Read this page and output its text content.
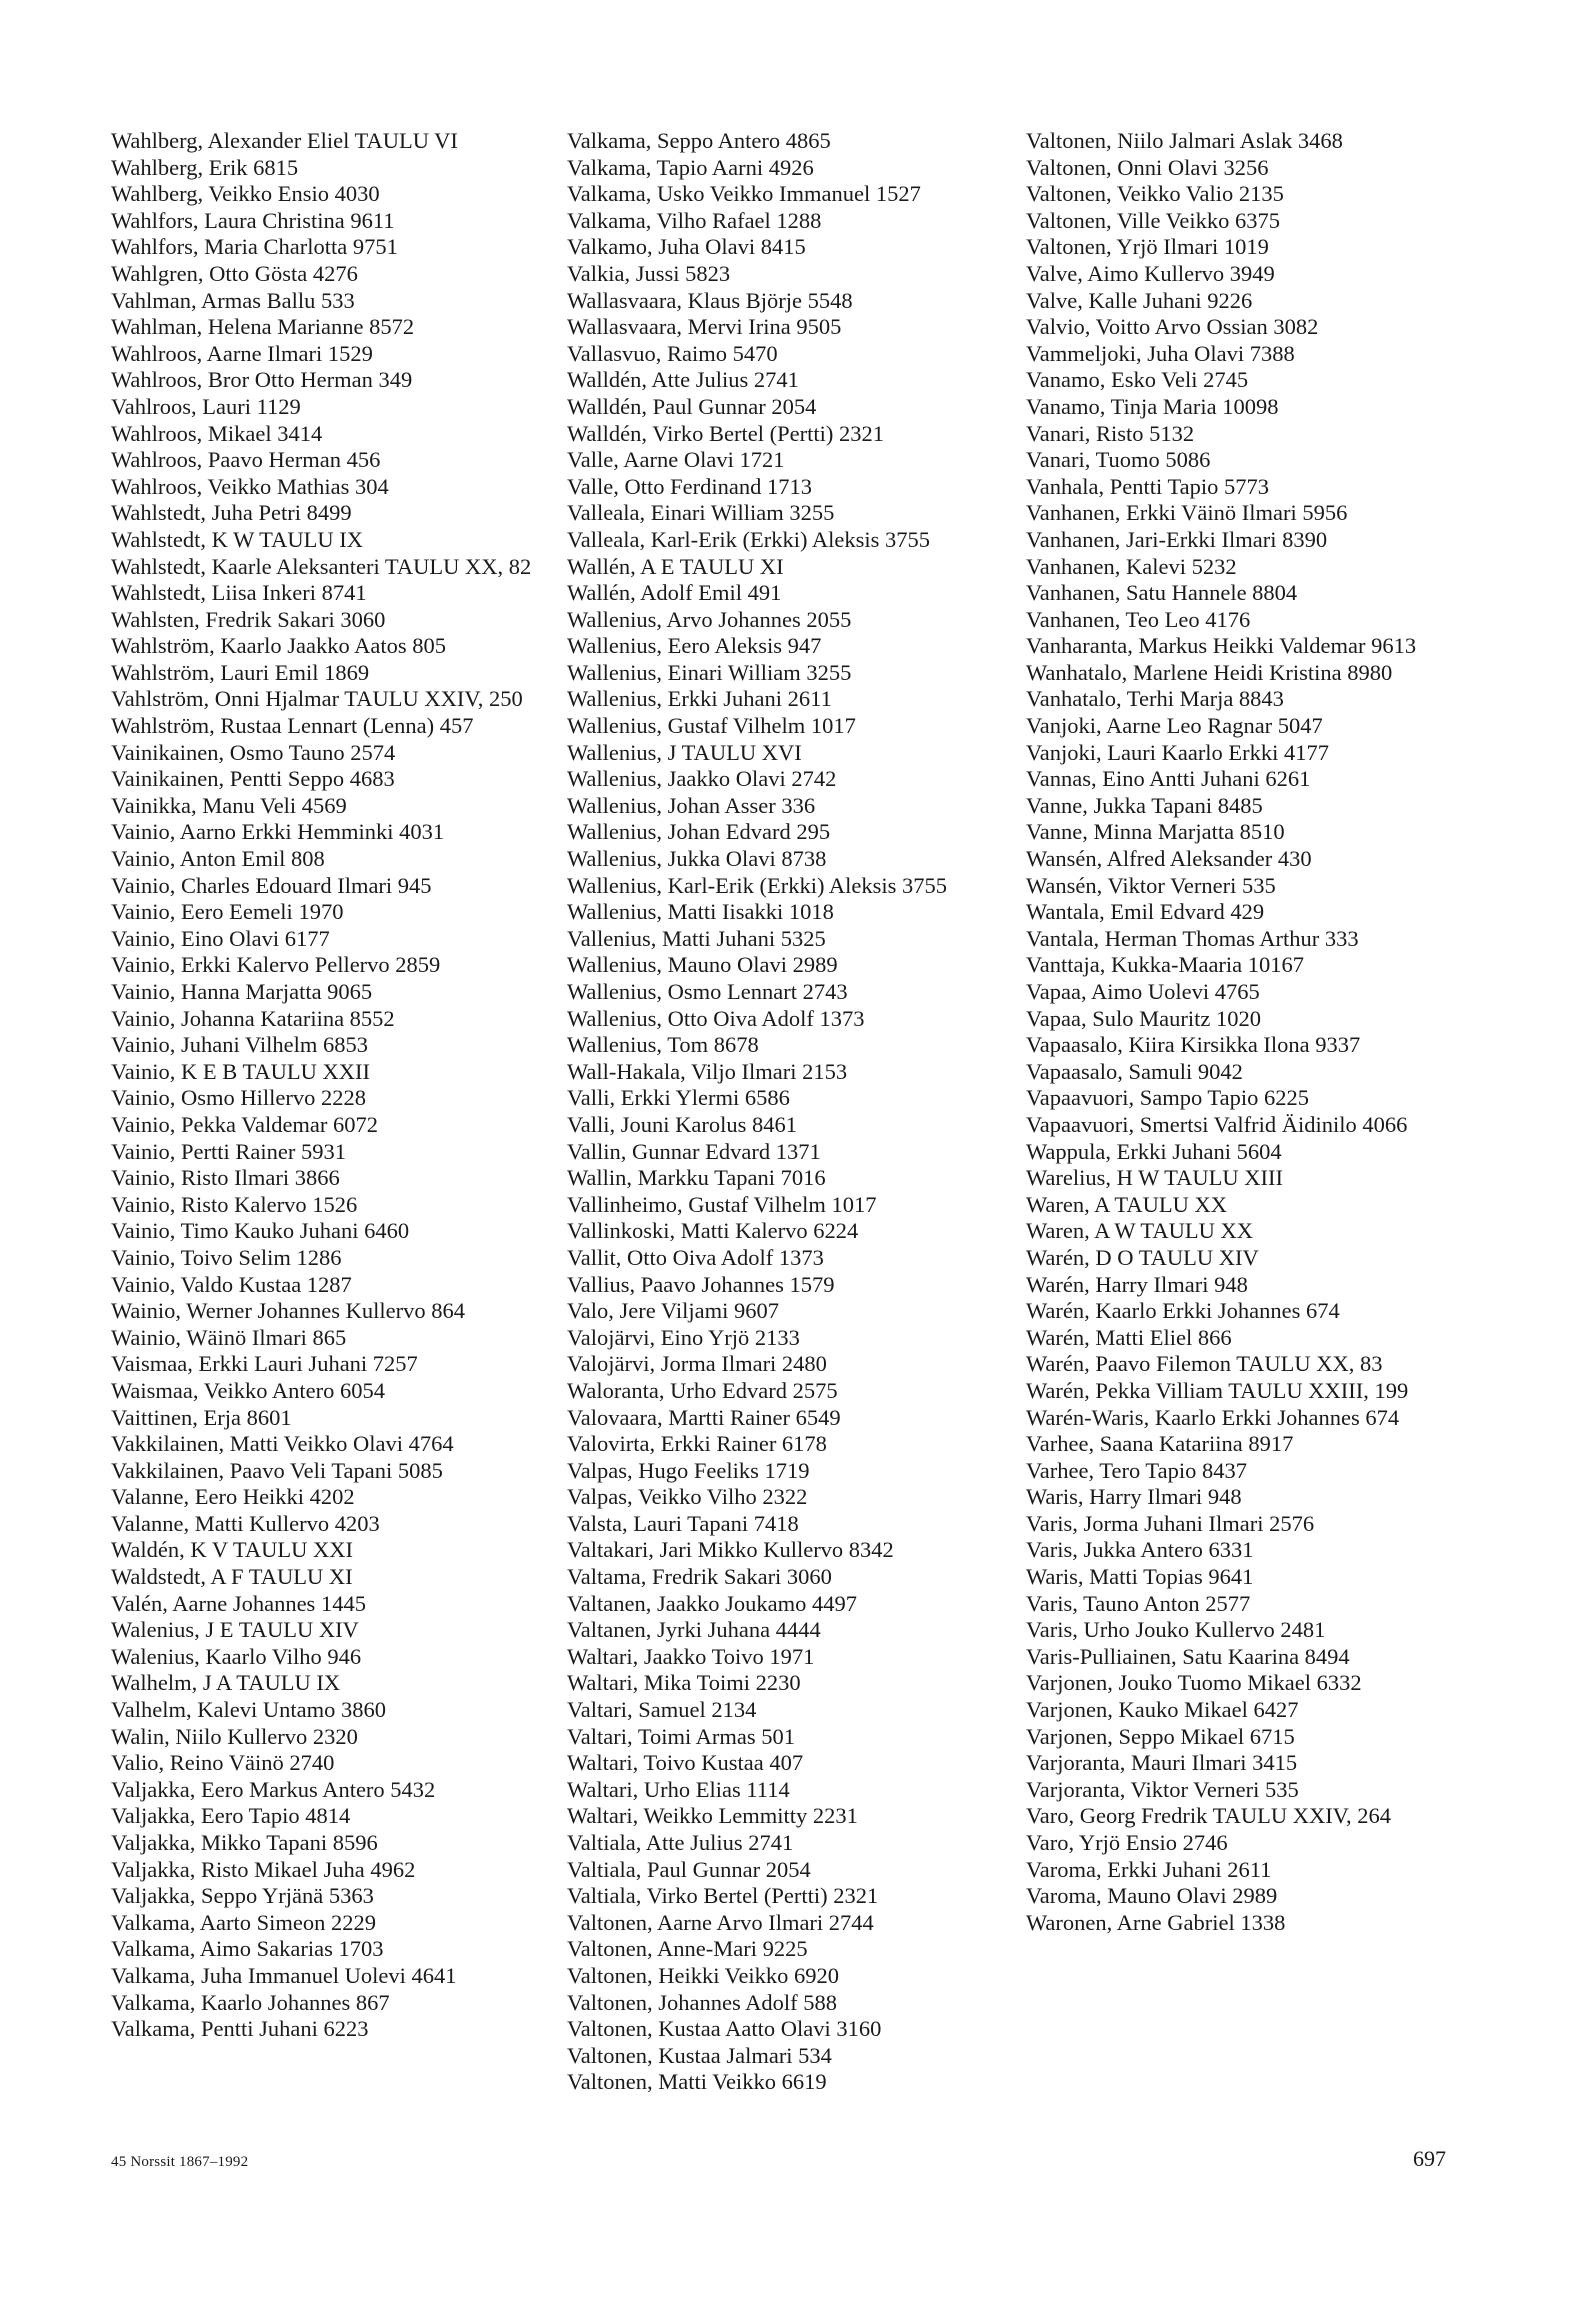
Wahlberg, Alexander Eliel TAULU VI
Wahlberg, Erik 6815
Wahlberg, Veikko Ensio 4030
Wahlfors, Laura Christina 9611
Wahlfors, Maria Charlotta 9751
Wahlgren, Otto Gösta 4276
Vahlman, Armas Ballu 533
Wahlman, Helena Marianne 8572
Wahlroos, Aarne Ilmari 1529
Wahlroos, Bror Otto Herman 349
Vahlroos, Lauri 1129
Wahlroos, Mikael 3414
Wahlroos, Paavo Herman 456
Wahlroos, Veikko Mathias 304
Wahlstedt, Juha Petri 8499
Wahlstedt, K W TAULU IX
Wahlstedt, Kaarle Aleksanteri TAULU XX, 82
Wahlstedt, Liisa Inkeri 8741
Wahlsten, Fredrik Sakari 3060
Wahlström, Kaarlo Jaakko Aatos 805
Wahlström, Lauri Emil 1869
Vahlström, Onni Hjalmar TAULU XXIV, 250
Wahlström, Rustaa Lennart (Lenna) 457
Vainikainen, Osmo Tauno 2574
Vainikainen, Pentti Seppo 4683
Vainikka, Manu Veli 4569
Vainio, Aarno Erkki Hemminki 4031
Vainio, Anton Emil 808
Vainio, Charles Edouard Ilmari 945
Vainio, Eero Eemeli 1970
Vainio, Eino Olavi 6177
Vainio, Erkki Kalervo Pellervo 2859
Vainio, Hanna Marjatta 9065
Vainio, Johanna Katariina 8552
Vainio, Juhani Vilhelm 6853
Vainio, K E B TAULU XXII
Vainio, Osmo Hillervo 2228
Vainio, Pekka Valdemar 6072
Vainio, Pertti Rainer 5931
Vainio, Risto Ilmari 3866
Vainio, Risto Kalervo 1526
Vainio, Timo Kauko Juhani 6460
Vainio, Toivo Selim 1286
Vainio, Valdo Kustaa 1287
Wainio, Werner Johannes Kullervo 864
Wainio, Wäinö Ilmari 865
Vaismaa, Erkki Lauri Juhani 7257
Waismaa, Veikko Antero 6054
Vaittinen, Erja 8601
Vakkilainen, Matti Veikko Olavi 4764
Vakkilainen, Paavo Veli Tapani 5085
Valanne, Eero Heikki 4202
Valanne, Matti Kullervo 4203
Waldén, K V TAULU XXI
Waldstedt, A F TAULU XI
Valén, Aarne Johannes 1445
Walenius, J E TAULU XIV
Walenius, Kaarlo Vilho 946
Walhelm, J A TAULU IX
Valhelm, Kalevi Untamo 3860
Walin, Niilo Kullervo 2320
Valio, Reino Väinö 2740
Valjakka, Eero Markus Antero 5432
Valjakka, Eero Tapio 4814
Valjakka, Mikko Tapani 8596
Valjakka, Risto Mikael Juha 4962
Valjakka, Seppo Yrjänä 5363
Valkama, Aarto Simeon 2229
Valkama, Aimo Sakarias 1703
Valkama, Juha Immanuel Uolevi 4641
Valkama, Kaarlo Johannes 867
Valkama, Pentti Juhani 6223
Valkama, Seppo Antero 4865
Valkama, Tapio Aarni 4926
Valkama, Usko Veikko Immanuel 1527
Valkama, Vilho Rafael 1288
Valkamo, Juha Olavi 8415
Valkia, Jussi 5823
Wallasvaara, Klaus Björje 5548
Wallasvaara, Mervi Irina 9505
Vallasvuo, Raimo 5470
Walldén, Atte Julius 2741
Walldén, Paul Gunnar 2054
Walldén, Virko Bertel (Pertti) 2321
Valle, Aarne Olavi 1721
Valle, Otto Ferdinand 1713
Valleala, Einari William 3255
Valleala, Karl-Erik (Erkki) Aleksis 3755
Wallén, A E TAULU XI
Wallén, Adolf Emil 491
Wallenius, Arvo Johannes 2055
Wallenius, Eero Aleksis 947
Wallenius, Einari William 3255
Wallenius, Erkki Juhani 2611
Wallenius, Gustaf Vilhelm 1017
Wallenius, J TAULU XVI
Wallenius, Jaakko Olavi 2742
Wallenius, Johan Asser 336
Wallenius, Johan Edvard 295
Wallenius, Jukka Olavi 8738
Wallenius, Karl-Erik (Erkki) Aleksis 3755
Wallenius, Matti Iisakki 1018
Vallenius, Matti Juhani 5325
Wallenius, Mauno Olavi 2989
Wallenius, Osmo Lennart 2743
Wallenius, Otto Oiva Adolf 1373
Wallenius, Tom 8678
Wall-Hakala, Viljo Ilmari 2153
Valli, Erkki Ylermi 6586
Valli, Jouni Karolus 8461
Vallin, Gunnar Edvard 1371
Wallin, Markku Tapani 7016
Vallinheimo, Gustaf Vilhelm 1017
Vallinkoski, Matti Kalervo 6224
Vallit, Otto Oiva Adolf 1373
Vallius, Paavo Johannes 1579
Valo, Jere Viljami 9607
Valojärvi, Eino Yrjö 2133
Valojärvi, Jorma Ilmari 2480
Waloranta, Urho Edvard 2575
Valovaara, Martti Rainer 6549
Valovirta, Erkki Rainer 6178
Valpas, Hugo Feeliks 1719
Valpas, Veikko Vilho 2322
Valsta, Lauri Tapani 7418
Valtakari, Jari Mikko Kullervo 8342
Valtama, Fredrik Sakari 3060
Valtanen, Jaakko Joukamo 4497
Valtanen, Jyrki Juhana 4444
Waltari, Jaakko Toivo 1971
Waltari, Mika Toimi 2230
Valtari, Samuel 2134
Valtari, Toimi Armas 501
Waltari, Toivo Kustaa 407
Waltari, Urho Elias 1114
Waltari, Weikko Lemmitty 2231
Valtiala, Atte Julius 2741
Valtiala, Paul Gunnar 2054
Valtiala, Virko Bertel (Pertti) 2321
Valtonen, Aarne Arvo Ilmari 2744
Valtonen, Anne-Mari 9225
Valtonen, Heikki Veikko 6920
Valtonen, Johannes Adolf 588
Valtonen, Kustaa Aatto Olavi 3160
Valtonen, Kustaa Jalmari 534
Valtonen, Matti Veikko 6619
Valtonen, Niilo Jalmari Aslak 3468
Valtonen, Onni Olavi 3256
Valtonen, Veikko Valio 2135
Valtonen, Ville Veikko 6375
Valtonen, Yrjö Ilmari 1019
Valve, Aimo Kullervo 3949
Valve, Kalle Juhani 9226
Valvio, Voitto Arvo Ossian 3082
Vammeljoki, Juha Olavi 7388
Vanamo, Esko Veli 2745
Vanamo, Tinja Maria 10098
Vanari, Risto 5132
Vanari, Tuomo 5086
Vanhala, Pentti Tapio 5773
Vanhanen, Erkki Väinö Ilmari 5956
Vanhanen, Jari-Erkki Ilmari 8390
Vanhanen, Kalevi 5232
Vanhanen, Satu Hannele 8804
Vanhanen, Teo Leo 4176
Vanharanta, Markus Heikki Valdemar 9613
Wanhatalo, Marlene Heidi Kristina 8980
Vanhatalo, Terhi Marja 8843
Vanjoki, Aarne Leo Ragnar 5047
Vanjoki, Lauri Kaarlo Erkki 4177
Vannas, Eino Antti Juhani 6261
Vanne, Jukka Tapani 8485
Vanne, Minna Marjatta 8510
Wansén, Alfred Aleksander 430
Wansén, Viktor Verneri 535
Wantala, Emil Edvard 429
Vantala, Herman Thomas Arthur 333
Vanttaja, Kukka-Maaria 10167
Vapaa, Aimo Uolevi 4765
Vapaa, Sulo Mauritz 1020
Vapaasalo, Kiira Kirsikka Ilona 9337
Vapaasalo, Samuli 9042
Vapaavuori, Sampo Tapio 6225
Vapaavuori, Smertsi Valfrid Äidinilo 4066
Wappula, Erkki Juhani 5604
Warelius, H W TAULU XIII
Waren, A TAULU XX
Waren, A W TAULU XX
Warén, D O TAULU XIV
Warén, Harry Ilmari 948
Warén, Kaarlo Erkki Johannes 674
Warén, Matti Eliel 866
Warén, Paavo Filemon TAULU XX, 83
Warén, Pekka Villiam TAULU XXIII, 199
Warén-Waris, Kaarlo Erkki Johannes 674
Varhee, Saana Katariina 8917
Varhee, Tero Tapio 8437
Waris, Harry Ilmari 948
Varis, Jorma Juhani Ilmari 2576
Varis, Jukka Antero 6331
Waris, Matti Topias 9641
Varis, Tauno Anton 2577
Varis, Urho Jouko Kullervo 2481
Varis-Pulliainen, Satu Kaarina 8494
Varjonen, Jouko Tuomo Mikael 6332
Varjonen, Kauko Mikael 6427
Varjonen, Seppo Mikael 6715
Varjoranta, Mauri Ilmari 3415
Varjoranta, Viktor Verneri 535
Varo, Georg Fredrik TAULU XXIV, 264
Varo, Yrjö Ensio 2746
Varoma, Erkki Juhani 2611
Varoma, Mauno Olavi 2989
Waronen, Arne Gabriel 1338
45 Norssit 1867–1992	697
